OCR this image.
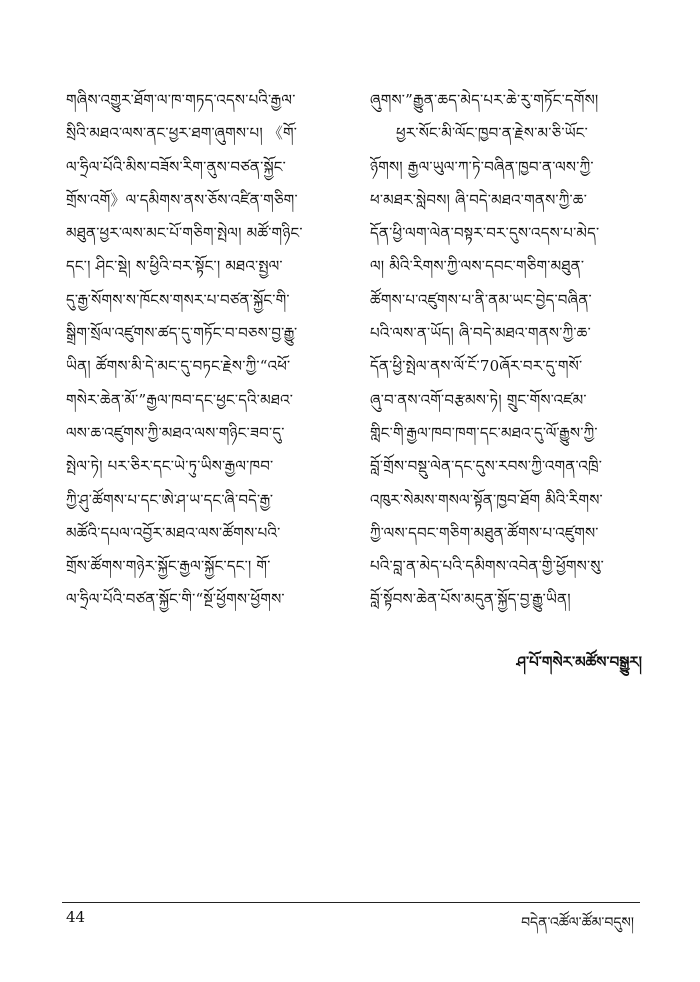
གཞིས་འགྱུར་ཐོག་ལ་ཁ་གཏད་འདས་པའི་རྒྱལ་
སྲིའི་མཐའ་ལས་ནང་ཕྱར་ཐག་ཞུགས་པ། 《གོ་
ལ་ཧྲིལ་པོའི་མིས་བཟོས་རིག་ནུས་བཙན་སྐྱོང་
གྲོས་འགོ》ལ་དམིགས་ནས་ཅོས་འཛིན་གཅིག་
མཐུན་ཕྱར་ལས་མང་པོ་གཅིག་སྤེལ། མཚོ་གཉིང་
དང་། ཤིང་སྡེ། ས་ཕྱིའི་བར་སྟོང་། མཐའ་སྤྱལ་
དུ་རྒྱ་སོགས་ས་ཁོངས་གསར་པ་བཙན་སྐྱོང་གི་
སྒྲིག་སྲོལ་འཛུགས་ཚད་དུ་གཏོང་བ་བཅས་བྱ་རྒྱུ་
ཡིན། ཚོགས་མི་དེ་མང་དུ་བཏང་རྗེས་ཀྱི་“འཕོ་
གསེར་ཆེན་མོ་”རྒྱལ་ཁབ་དང་ཕྱང་དའི་མཐའ་
ལས་ཆ་འཛུགས་ཀྱི་མཐའ་ལས་གཉིང་ཟབ་དུ་
སྤེལ་ཏེ། པར་ཅིར་དང་ཡེ་ཏུ་ཡིས་རྒྱལ་ཁབ་
ཀྱི་ཤུ་ཚོགས་པ་དང་ཨེ་ཤ་ཡ་དང་ཞི་བདེ་རྒྱ་
མཚོའི་དཔལ་འབྱོར་མཐའ་ལས་ཚོགས་པའི་
གྲོས་ཚོགས་གཉེར་སྐྱོང་རྒྱལ་སྐྱོང་དང་། གོ་
ལ་ཧྲིལ་པོའི་བཙན་སྐྱོང་གི་“སྔོ་ཕྱོགས་ཕྱོགས་
ཞུགས་”རྒྱུན་ཆད་མེད་པར་ཆེ་རུ་གཏོང་དགོས།
ཕྱར་སོང་མི་ལོང་ཁྱབ་ན་རྗེས་མ་ཅི་ཡོང་
ཉོགས། རྒྱལ་ཡུལ་ཀ་ཏེ་བཞིན་ཁྱབ་ན་ལས་ཀྱི་
ཕ་མཐར་སླེབས། ཞི་བདེ་མཐའ་གནས་ཀྱི་ཆ་
དོན་ཕྱི་ལག་ལེན་བསྟར་བར་དུས་འདས་པ་མེད་
ལ། མིའི་རིགས་ཀྱི་ལས་དབང་གཅིག་མཐུན་
ཚོགས་པ་འཛུགས་པ་ནི་ནམ་ཡང་བྱེད་བཞིན་
པའི་ལས་ན་ཡོད། ཞི་བདེ་མཐའ་གནས་ཀྱི་ཆ་
དོན་ཕྱི་སྤེལ་ནས་ལོ་ངོ་70ཞོར་བར་དུ་གསོ་
ཞུ་བ་ནས་འགོ་བརྩམས་ཏེ། གྲུང་གོས་འཛམ་
གླིང་གི་རྒྱལ་ཁབ་ཁག་དང་མཐའ་དུ་ལོ་རྒྱུས་ཀྱི་
བློ་གྲོས་བསྡུ་ལེན་དང་དུས་རབས་ཀྱི་འགན་འཁྲི་
འཁུར་སེམས་གསལ་སྟོན་ཁྱབ་ཐོག མིའི་རིགས་
ཀྱི་ལས་དབང་གཅིག་མཐུན་ཚོགས་པ་འཛུགས་
པའི་བླ་ན་མེད་པའི་དམིགས་འབེན་གྱི་ཕྱོགས་སུ་
བློ་སྟོབས་ཆེན་པོས་མདུན་སྐྱོད་བྱ་རྒྱུ་ཡིན།
ཤ་པོ་གསེར་མཚོས་བསྒྱུར།
44	བདེན་འཚོལ་ཚོམ་བདུས།
